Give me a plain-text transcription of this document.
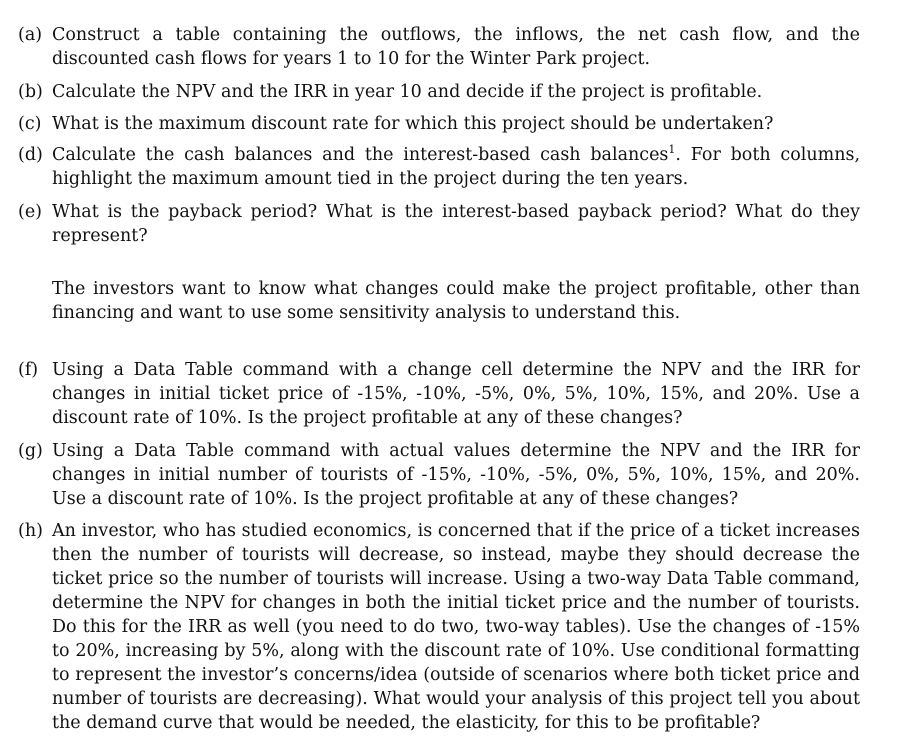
(a) Construct a table containing the outflows, the inflows, the net cash flow, and the discounted cash flows for years 1 to 10 for the Winter Park project.
(b) Calculate the NPV and the IRR in year 10 and decide if the project is profitable.
(c) What is the maximum discount rate for which this project should be undertaken?
(d) Calculate the cash balances and the interest-based cash balances$^1$. For both columns, highlight the maximum amount tied in the project during the ten years.
(e) What is the payback period? What is the interest-based payback period? What do they represent?
The investors want to know what changes could make the project profitable, other than financing and want to use some sensitivity analysis to understand this.
(f) Using a Data Table command with a change cell determine the NPV and the IRR for changes in initial ticket price of -15%, -10%, -5%, 0%, 5%, 10%, 15%, and 20%. Use a discount rate of 10%. Is the project profitable at any of these changes?
(g) Using a Data Table command with actual values determine the NPV and the IRR for changes in initial number of tourists of -15%, -10%, -5%, 0%, 5%, 10%, 15%, and 20%. Use a discount rate of 10%. Is the project profitable at any of these changes?
(h) An investor, who has studied economics, is concerned that if the price of a ticket increases then the number of tourists will decrease, so instead, maybe they should decrease the ticket price so the number of tourists will increase. Using a two-way Data Table command, determine the NPV for changes in both the initial ticket price and the number of tourists. Do this for the IRR as well (you need to do two, two-way tables). Use the changes of -15% to 20%, increasing by 5%, along with the discount rate of 10%. Use conditional formatting to represent the investor’s concerns/idea (outside of scenarios where both ticket price and number of tourists are decreasing). What would your analysis of this project tell you about the demand curve that would be needed, the elasticity, for this to be profitable?
